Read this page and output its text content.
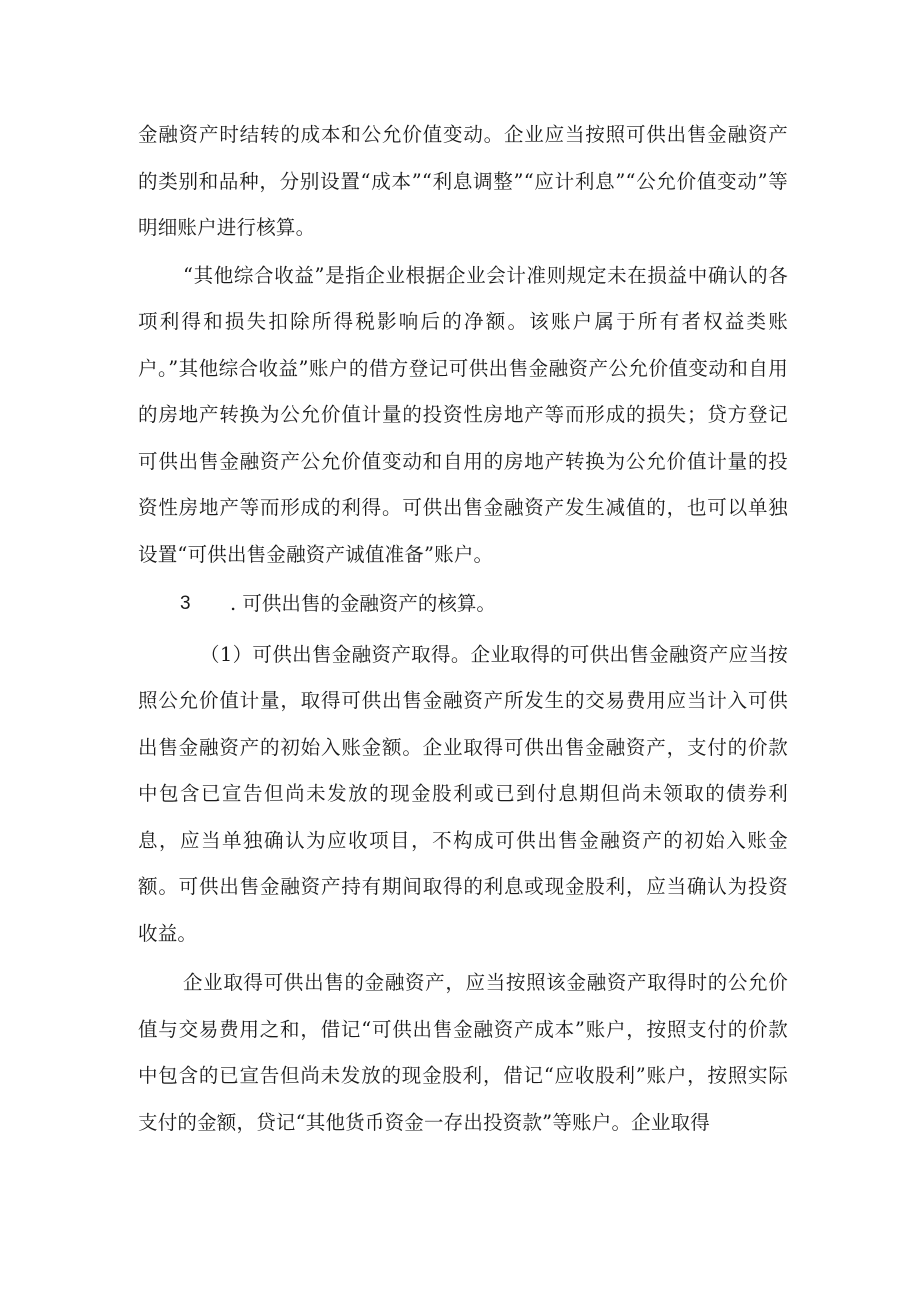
金融资产时结转的成本和公允价值变动。企业应当按照可供出售金融资产的类别和品种，分别设置“成本”“利息调整”“应计利息”“公允价值变动”等明细账户进行核算。

“其他综合收益”是指企业根据企业会计准则规定未在损益中确认的各项利得和损失扣除所得税影响后的净额。该账户属于所有者权益类账户。”其他综合收益”账户的借方登记可供出售金融资产公允价值变动和自用的房地产转换为公允价值计量的投资性房地产等而形成的损失；贷方登记可供出售金融资产公允价值变动和自用的房地产转换为公允价值计量的投资性房地产等而形成的利得。可供出售金融资产发生减值的，也可以单独设置“可供出售金融资产诚值准备”账户。

3 . 可供出售的金融资产的核算。

（1）可供出售金融资产取得。企业取得的可供出售金融资产应当按照公允价值计量，取得可供出售金融资产所发生的交易费用应当计入可供出售金融资产的初始入账金额。企业取得可供出售金融资产，支付的价款中包含已宣告但尚未发放的现金股利或已到付息期但尚未领取的债券利息，应当单独确认为应收项目，不构成可供出售金融资产的初始入账金额。可供出售金融资产持有期间取得的利息或现金股利，应当确认为投资收益。

企业取得可供出售的金融资产，应当按照该金融资产取得时的公允价值与交易费用之和，借记“可供出售金融资产成本”账户，按照支付的价款中包含的已宣告但尚未发放的现金股利，借记“应收股利”账户，按照实际支付的金额，贷记“其他货币资金一存出投资款”等账户。企业取得
